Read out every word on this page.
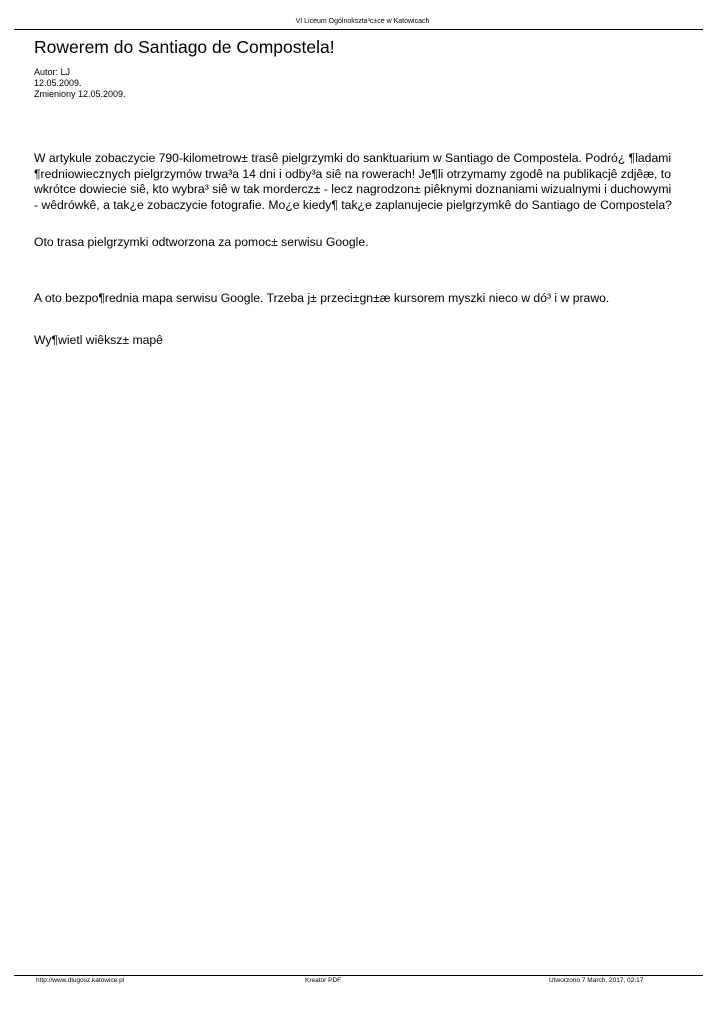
VI Liceum Ogólnokszta³c±ce w Katowicach
Rowerem do Santiago de Compostela!
Autor: LJ
12.05.2009.
Zmieniony 12.05.2009.
W artykule zobaczycie 790-kilometrow± trasê pielgrzymki do sanktuarium w Santiago de Compostela. Podró¿ ¶ladami
¶redniowiecznych pielgrzymów trwa³a 14 dni i odby³a siê na rowerach! Je¶li otrzymamy zgodê na publikacjê zdjêæ, to
wkrótce dowiecie siê, kto wybra³ siê w tak mordercz± - lecz nagrodzon± piêknymi doznaniami wizualnymi i duchowymi
- wêdrówkê, a tak¿e zobaczycie fotografie. Mo¿e kiedy¶ tak¿e zaplanujecie pielgrzymkê do Santiago de Compostela?
Oto trasa pielgrzymki odtworzona za pomoc± serwisu Google.
A oto bezpo¶rednia mapa serwisu Google. Trzeba j± przeci±gn±æ kursorem myszki nieco w dó³ i w prawo.
Wy¶wietl wiêksz± mapê
http://www.dlugosz.katowice.pl	Kreator PDF	Utworzono 7 March, 2017, 02:17
